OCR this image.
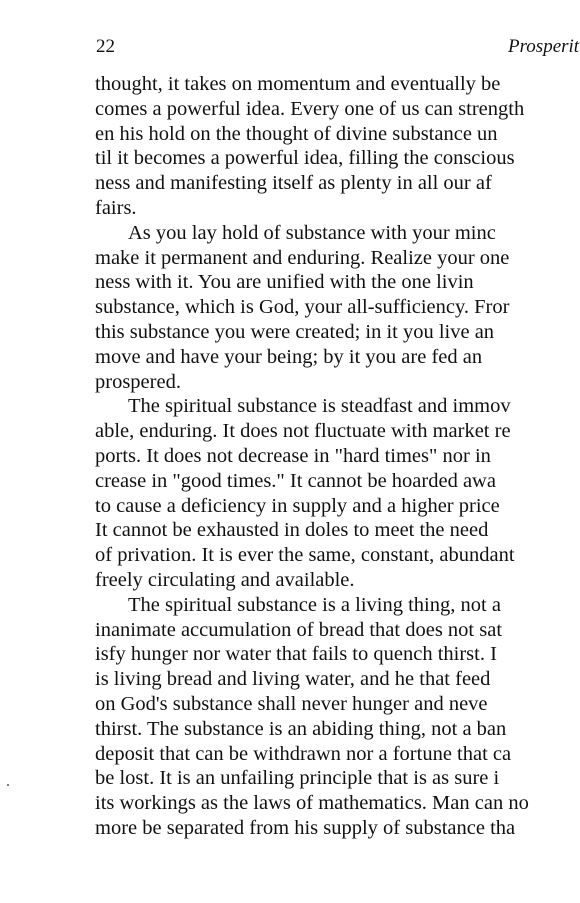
22	Prosperit
thought, it takes on momentum and eventually be
comes a powerful idea. Every one of us can strength
en his hold on the thought of divine substance un
til it becomes a powerful idea, filling the conscious
ness and manifesting itself as plenty in all our af
fairs.
As you lay hold of substance with your minc
make it permanent and enduring. Realize your one
ness with it. You are unified with the one livin
substance, which is God, your all-sufficiency. Fror
this substance you were created; in it you live an
move and have your being; by it you are fed an
prospered.
The spiritual substance is steadfast and immov
able, enduring. It does not fluctuate with market re
ports. It does not decrease in "hard times" nor in
crease in "good times." It cannot be hoarded awa
to cause a deficiency in supply and a higher price
It cannot be exhausted in doles to meet the need
of privation. It is ever the same, constant, abundant
freely circulating and available.
The spiritual substance is a living thing, not a
inanimate accumulation of bread that does not sat
isfy hunger nor water that fails to quench thirst. I
is living bread and living water, and he that feed
on God's substance shall never hunger and neve
thirst. The substance is an abiding thing, not a ban
deposit that can be withdrawn nor a fortune that ca
be lost. It is an unfailing principle that is as sure i
its workings as the laws of mathematics. Man can no
more be separated from his supply of substance tha
